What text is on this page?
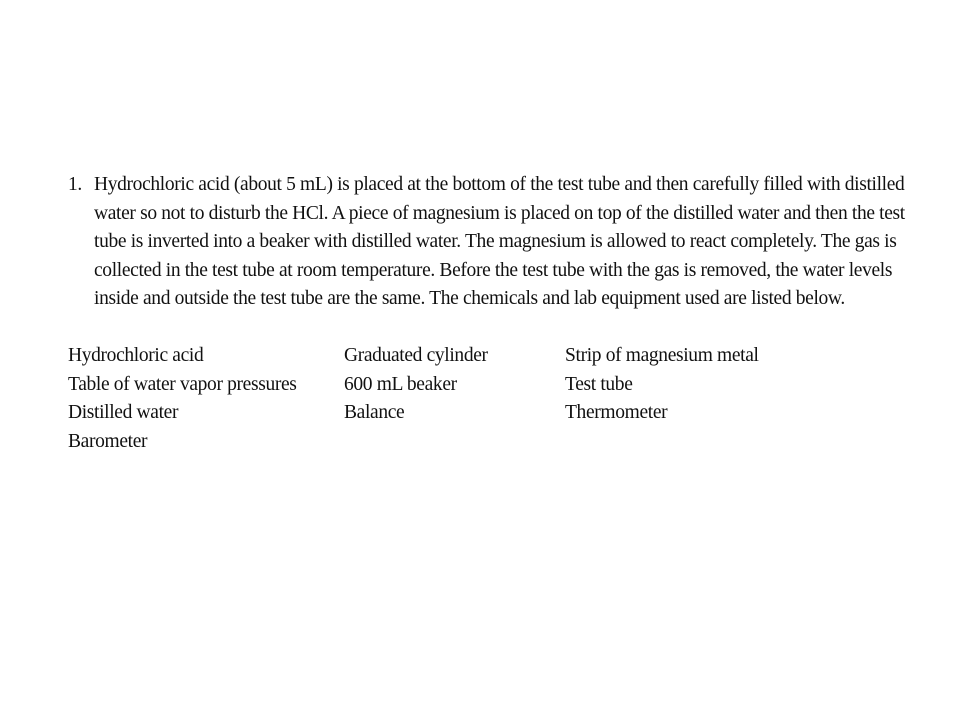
1. Hydrochloric acid (about 5 mL) is placed at the bottom of the test tube and then carefully filled with distilled water so not to disturb the HCl. A piece of magnesium is placed on top of the distilled water and then the test tube is inverted into a beaker with distilled water. The magnesium is allowed to react completely. The gas is collected in the test tube at room temperature. Before the test tube with the gas is removed, the water levels inside and outside the test tube are the same. The chemicals and lab equipment used are listed below.

Hydrochloric acid
Table of water vapor pressures
Distilled water
Barometer
Graduated cylinder
600 mL beaker
Balance
Strip of magnesium metal
Test tube
Thermometer
